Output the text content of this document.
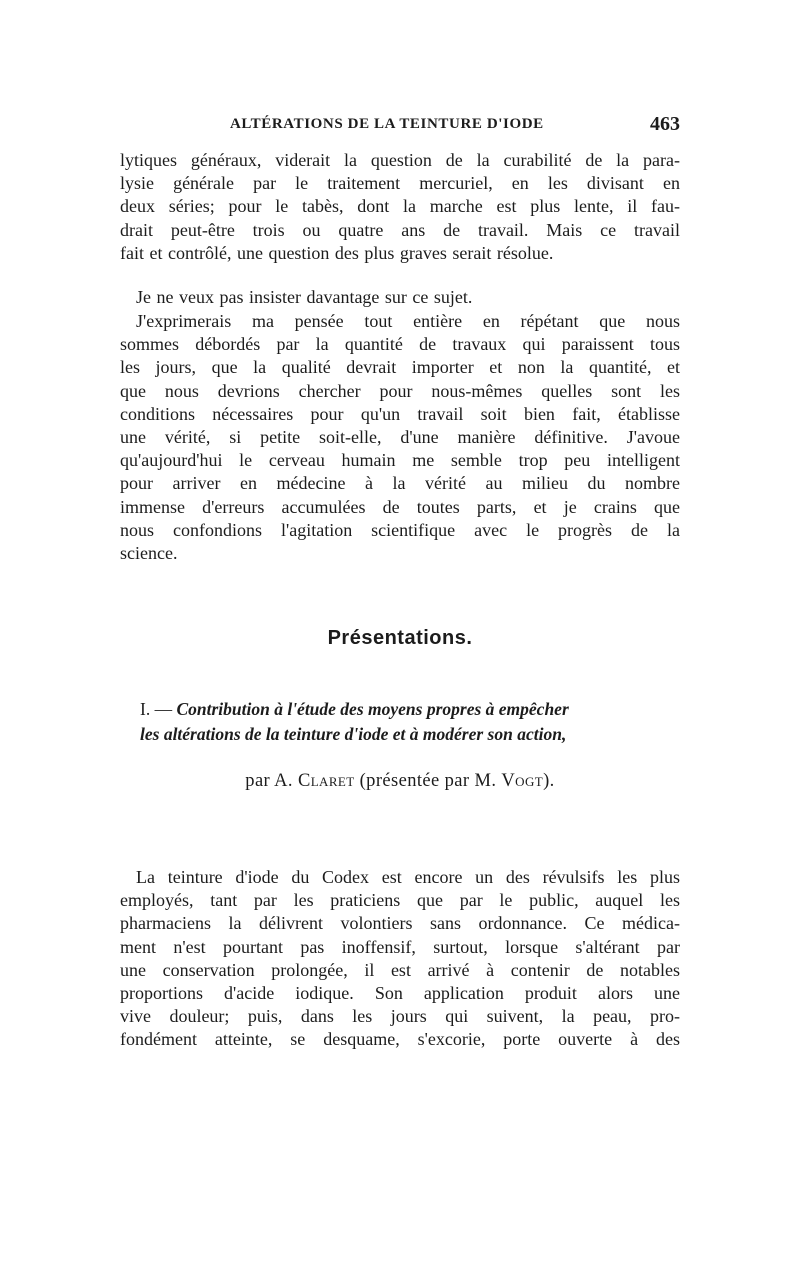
ALTÉRATIONS DE LA TEINTURE D'IODE	463
lytiques généraux, viderait la question de la curabilité de la para-
lysie générale par le traitement mercuriel, en les divisant en
deux séries; pour le tabès, dont la marche est plus lente, il fau-
drait peut-être trois ou quatre ans de travail. Mais ce travail
fait et contrôlé, une question des plus graves serait résolue.
Je ne veux pas insister davantage sur ce sujet.
J'exprimerais ma pensée tout entière en répétant que nous
sommes débordés par la quantité de travaux qui paraissent tous
les jours, que la qualité devrait importer et non la quantité, et
que nous devrions chercher pour nous-mêmes quelles sont les
conditions nécessaires pour qu'un travail soit bien fait, établisse
une vérité, si petite soit-elle, d'une manière définitive. J'avoue
qu'aujourd'hui le cerveau humain me semble trop peu intelligent
pour arriver en médecine à la vérité au milieu du nombre
immense d'erreurs accumulées de toutes parts, et je crains que
nous confondions l'agitation scientifique avec le progrès de la
science.
Présentations.
I. — Contribution à l'étude des moyens propres à empêcher
les altérations de la teinture d'iode et à modérer son action,
par A. Claret (présentée par M. Vogt).
La teinture d'iode du Codex est encore un des révulsifs les plus
employés, tant par les praticiens que par le public, auquel les
pharmaciens la délivrent volontiers sans ordonnance. Ce médica-
ment n'est pourtant pas inoffensif, surtout, lorsque s'altérant par
une conservation prolongée, il est arrivé à contenir de notables
proportions d'acide iodique. Son application produit alors une
vive douleur; puis, dans les jours qui suivent, la peau, pro-
fondément atteinte, se desquame, s'excorie, porte ouverte à des
